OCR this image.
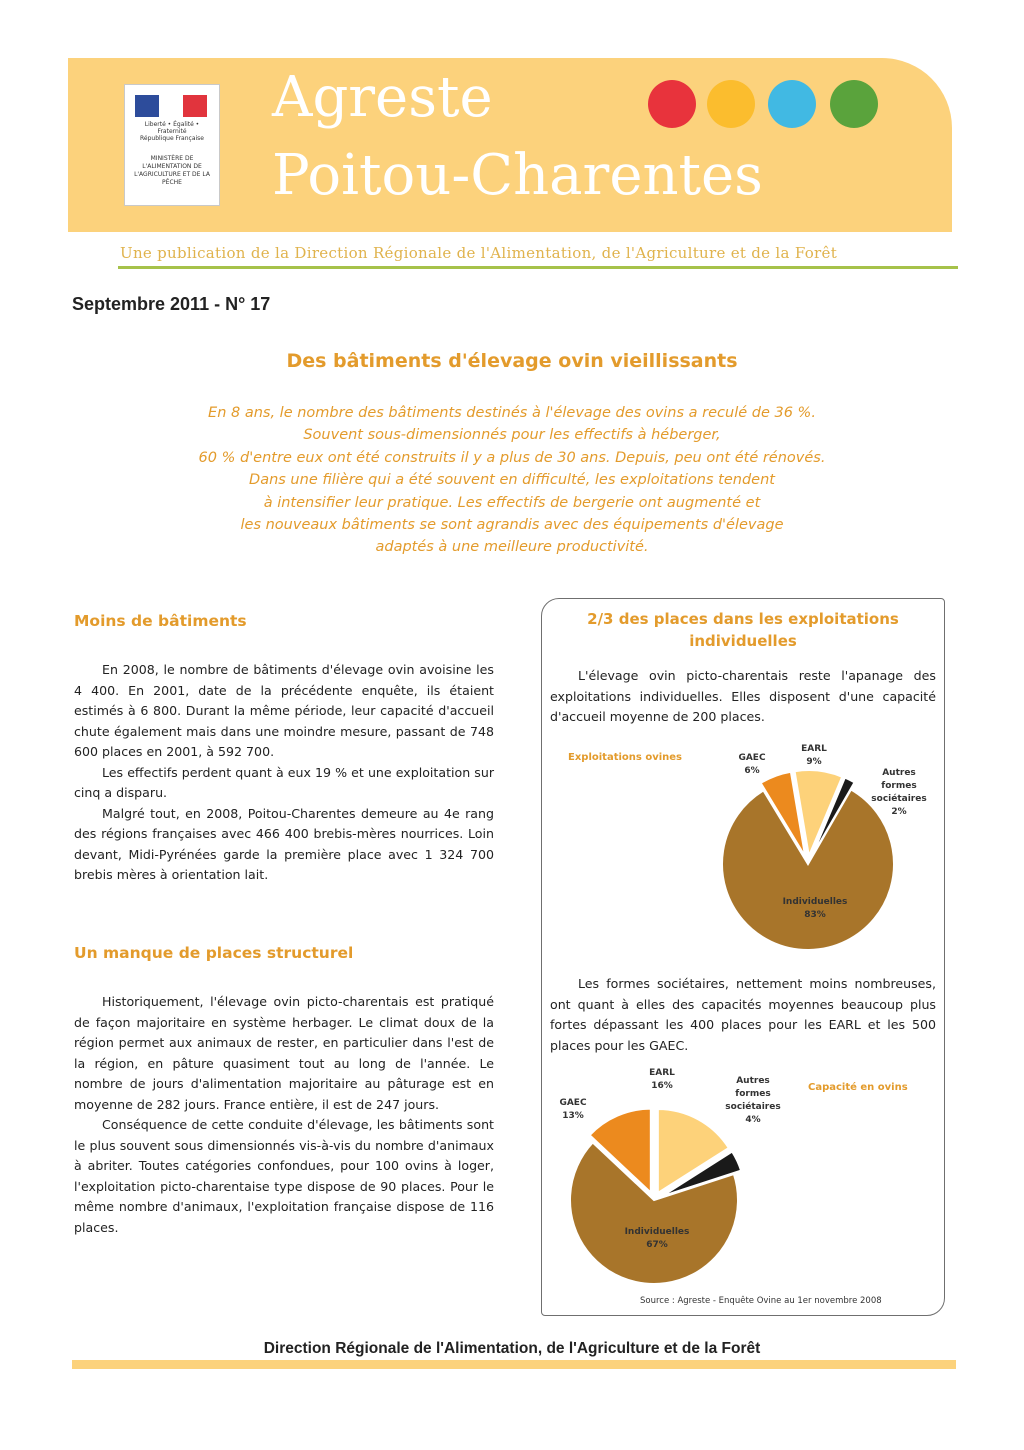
Liberté • Égalité • Fraternité
République Française
MINISTÈRE DE L'ALIMENTATION DE L'AGRICULTURE ET DE LA PÊCHE
Agreste
Poitou-Charentes
Une publication de la Direction Régionale de l'Alimentation, de l'Agriculture et de la Forêt
Septembre 2011 - N° 17
Des bâtiments d'élevage ovin vieillissants
En 8 ans, le nombre des bâtiments destinés à l'élevage des ovins a reculé de 36 %.
Souvent sous-dimensionnés pour les effectifs à héberger,
60 % d'entre eux ont été construits il y a plus de 30 ans. Depuis, peu ont été rénovés.
Dans une filière qui a été souvent en difficulté, les exploitations tendent
à intensifier leur pratique. Les effectifs de bergerie ont augmenté et
les nouveaux bâtiments se sont agrandis avec des équipements d'élevage
adaptés à une meilleure productivité.
Moins de bâtiments

En 2008, le nombre de bâtiments d'élevage ovin avoisine les 4 400. En 2001, date de la précédente enquête, ils étaient estimés à 6 800. Durant la même période, leur capacité d'accueil chute également mais dans une moindre mesure, passant de 748 600 places en 2001, à 592 700.

Les effectifs perdent quant à eux 19 % et une exploitation sur cinq a disparu.

Malgré tout, en 2008, Poitou-Charentes demeure au 4e rang des régions françaises avec 466 400 brebis-mères nourrices. Loin devant, Midi-Pyrénées garde la première place avec 1 324 700 brebis mères à orientation lait.

Un manque de places structurel

Historiquement, l'élevage ovin picto-charentais est pratiqué de façon majoritaire en système herbager. Le climat doux de la région permet aux animaux de rester, en particulier dans l'est de la région, en pâture quasiment tout au long de l'année. Le nombre de jours d'alimentation majoritaire au pâturage est en moyenne de 282 jours. France entière, il est de 247 jours.

Conséquence de cette conduite d'élevage, les bâtiments sont le plus souvent sous dimensionnés vis-à-vis du nombre d'animaux à abriter. Toutes catégories confondues, pour 100 ovins à loger, l'exploitation picto-charentaise type dispose de 90 places. Pour le même nombre d'animaux, l'exploitation française dispose de 116 places.

2/3 des places dans les exploitations individuelles

L'élevage ovin picto-charentais reste l'apanage des exploitations individuelles. Elles disposent d'une capacité d'accueil moyenne de 200 places.

Exploitations ovines	GAEC
6%
EARL
9%
Autres formes sociétaires
2%
Individuelles
83%

Les formes sociétaires, nettement moins nombreuses, ont quant à elles des capacités moyennes beaucoup plus fortes dépassant les 400 places pour les EARL et les 500 places pour les GAEC.

Capacité en ovins
GAEC
13%
EARL
16%	Autres formes sociétaires
4%
Individuelles
67%
Source : Agreste - Enquête Ovine au 1er novembre 2008
Direction Régionale de l'Alimentation, de l'Agriculture et de la Forêt
